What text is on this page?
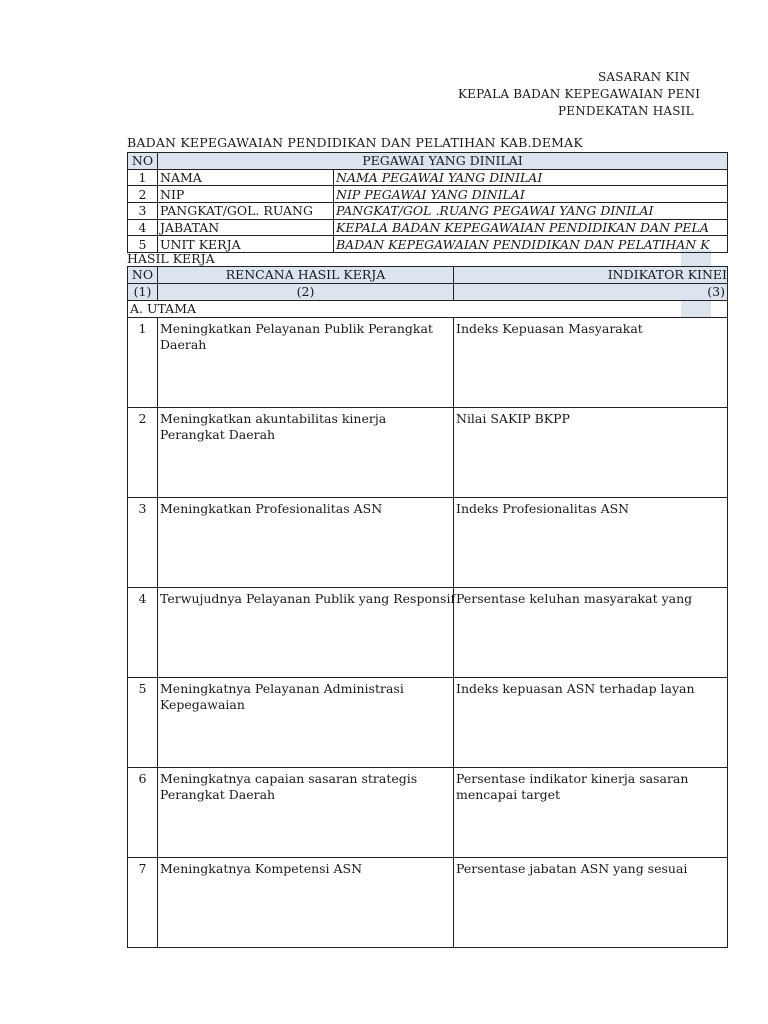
SASARAN KIN
KEPALA BADAN KEPEGAWAIAN PENI
PENDEKATAN HASIL
BADAN KEPEGAWAIAN PENDIDIKAN DAN PELATIHAN KAB.DEMAK
NO	PEGAWAI YANG DINILAI	
1	NAMA	NAMA PEGAWAI YANG DINILAI
2	NIP	NIP PEGAWAI YANG DINILAI
3	PANGKAT/GOL. RUANG	PANGKAT/GOL .RUANG PEGAWAI YANG DINILAI
4	JABATAN	KEPALA BADAN KEPEGAWAIAN PENDIDIKAN DAN PELA
5	UNIT KERJA	BADAN KEPEGAWAIAN PENDIDIKAN DAN PELATIHAN K
HASIL KERJA
NO	RENCANA HASIL KERJA	INDIKATOR KINEI
(1)	(2)	(3)
A. UTAMA		
1	Meningkatkan Pelayanan Publik Perangkat Daerah	Indeks Kepuasan Masyarakat
2	Meningkatkan akuntabilitas kinerja Perangkat Daerah	Nilai SAKIP BKPP
3	Meningkatkan Profesionalitas ASN	Indeks Profesionalitas ASN
4	Terwujudnya Pelayanan Publik yang Responsif	Persentase keluhan masyarakat yang
5	Meningkatnya Pelayanan Administrasi Kepegawaian	Indeks kepuasan ASN terhadap layan
6	Meningkatnya capaian sasaran strategis Perangkat Daerah	Persentase indikator kinerja sasaran mencapai target
7	Meningkatnya Kompetensi ASN	Persentase jabatan ASN yang sesuai
